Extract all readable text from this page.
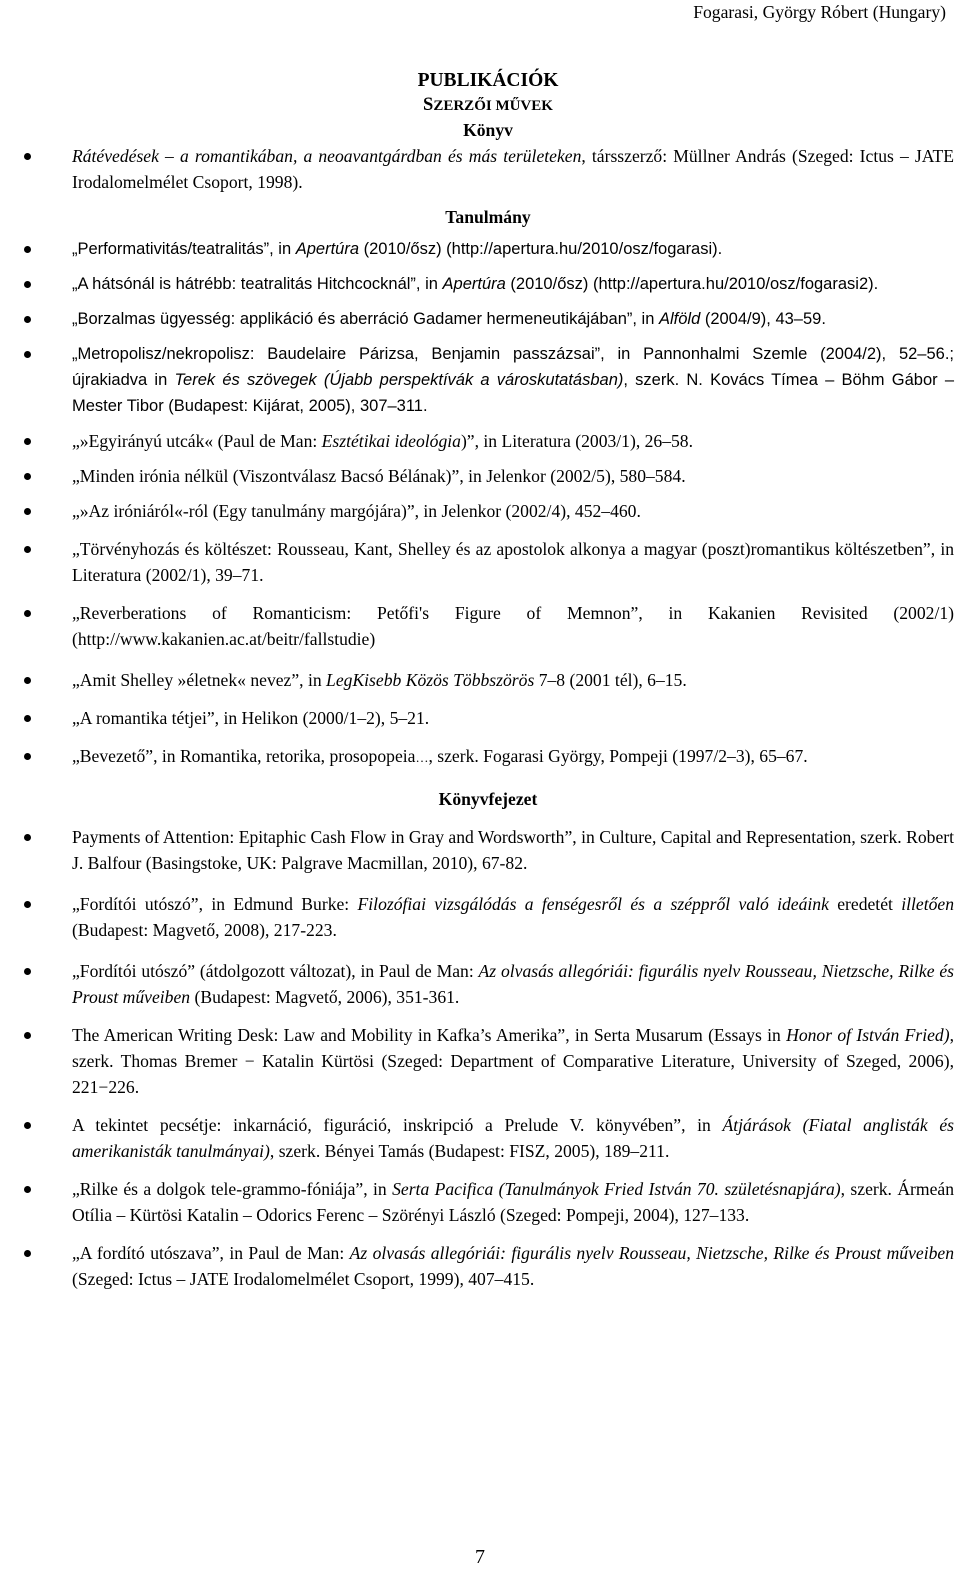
Fogarasi, György Róbert (Hungary)
PUBLIKÁCIÓK
SZERZŐI MŰVEK
Könyv
Rátévedések – a romantikában, a neoavantgárdban és más területeken, társszerző: Müllner András (Szeged: Ictus – JATE Irodalomelmélet Csoport, 1998).
Tanulmány
„Performativitás/teatralitás”, in Apertúra (2010/ősz) (http://apertura.hu/2010/osz/fogarasi).
„A hátsónál is hátrébb: teatralitás Hitchcocknál”, in Apertúra (2010/ősz) (http://apertura.hu/2010/osz/fogarasi2).
„Borzalmas ügyesség: applikáció és aberráció Gadamer hermeneutikájában”, in Alföld (2004/9), 43–59.
„Metropolisz/nekropolisz: Baudelaire Párizsa, Benjamin passzázsai”, in Pannonhalmi Szemle (2004/2), 52–56.; újrakiadva in Terek és szövegek (Újabb perspektívák a városkutatásban), szerk. N. Kovács Tímea – Böhm Gábor – Mester Tibor (Budapest: Kijárat, 2005), 307–311.
„»Egyirányú utcák« (Paul de Man: Esztétikai ideológia)”, in Literatura (2003/1), 26–58.
„Minden irónia nélkül (Viszontválasz Bacsó Bélának)”, in Jelenkor (2002/5), 580–584.
„»Az iróniáról«-ról (Egy tanulmány margójára)”, in Jelenkor (2002/4), 452–460.
„Törvényhozás és költészet: Rousseau, Kant, Shelley és az apostolok alkonya a magyar (poszt)romantikus költészetben”, in Literatura (2002/1), 39–71.
„Reverberations of Romanticism: Petőfi's Figure of Memnon”, in Kakanien Revisited (2002/1) (http://www.kakanien.ac.at/beitr/fallstudie)
„Amit Shelley »életnek« nevez”, in LegKisebb Közös Többszörös 7–8 (2001 tél), 6–15.
„A romantika tétjei”, in Helikon (2000/1–2), 5–21.
„Bevezető”, in Romantika, retorika, prosopopeia…, szerk. Fogarasi György, Pompeji (1997/2–3), 65–67.
Könyvfejezet
Payments of Attention: Epitaphic Cash Flow in Gray and Wordsworth”, in Culture, Capital and Representation, szerk. Robert J. Balfour (Basingstoke, UK: Palgrave Macmillan, 2010), 67-82.
„Fordítói utószó”, in Edmund Burke: Filozófiai vizsgálódás a fenségesről és a széppről való ideáink eredetét illetően (Budapest: Magvető, 2008), 217-223.
„Fordítói utószó” (átdolgozott változat), in Paul de Man: Az olvasás allegóriái: figurális nyelv Rousseau, Nietzsche, Rilke és Proust műveiben (Budapest: Magvető, 2006), 351-361.
The American Writing Desk: Law and Mobility in Kafka’s Amerika”, in Serta Musarum (Essays in Honor of István Fried), szerk. Thomas Bremer − Katalin Kürtösi (Szeged: Department of Comparative Literature, University of Szeged, 2006), 221−226.
A tekintet pecsétje: inkarnáció, figuráció, inskripció a Prelude V. könyvében”, in Átjárások (Fiatal anglisták és amerikanisták tanulmányai), szerk. Bényei Tamás (Budapest: FISZ, 2005), 189–211.
„Rilke és a dolgok tele-grammo-fóniája”, in Serta Pacifica (Tanulmányok Fried István 70. születésnapjára), szerk. Ármeán Otília – Kürtösi Katalin – Odorics Ferenc – Szörényi László (Szeged: Pompeji, 2004), 127–133.
„A fordító utószava”, in Paul de Man: Az olvasás allegóriái: figurális nyelv Rousseau, Nietzsche, Rilke és Proust műveiben (Szeged: Ictus – JATE Irodalomelmélet Csoport, 1999), 407–415.
7
